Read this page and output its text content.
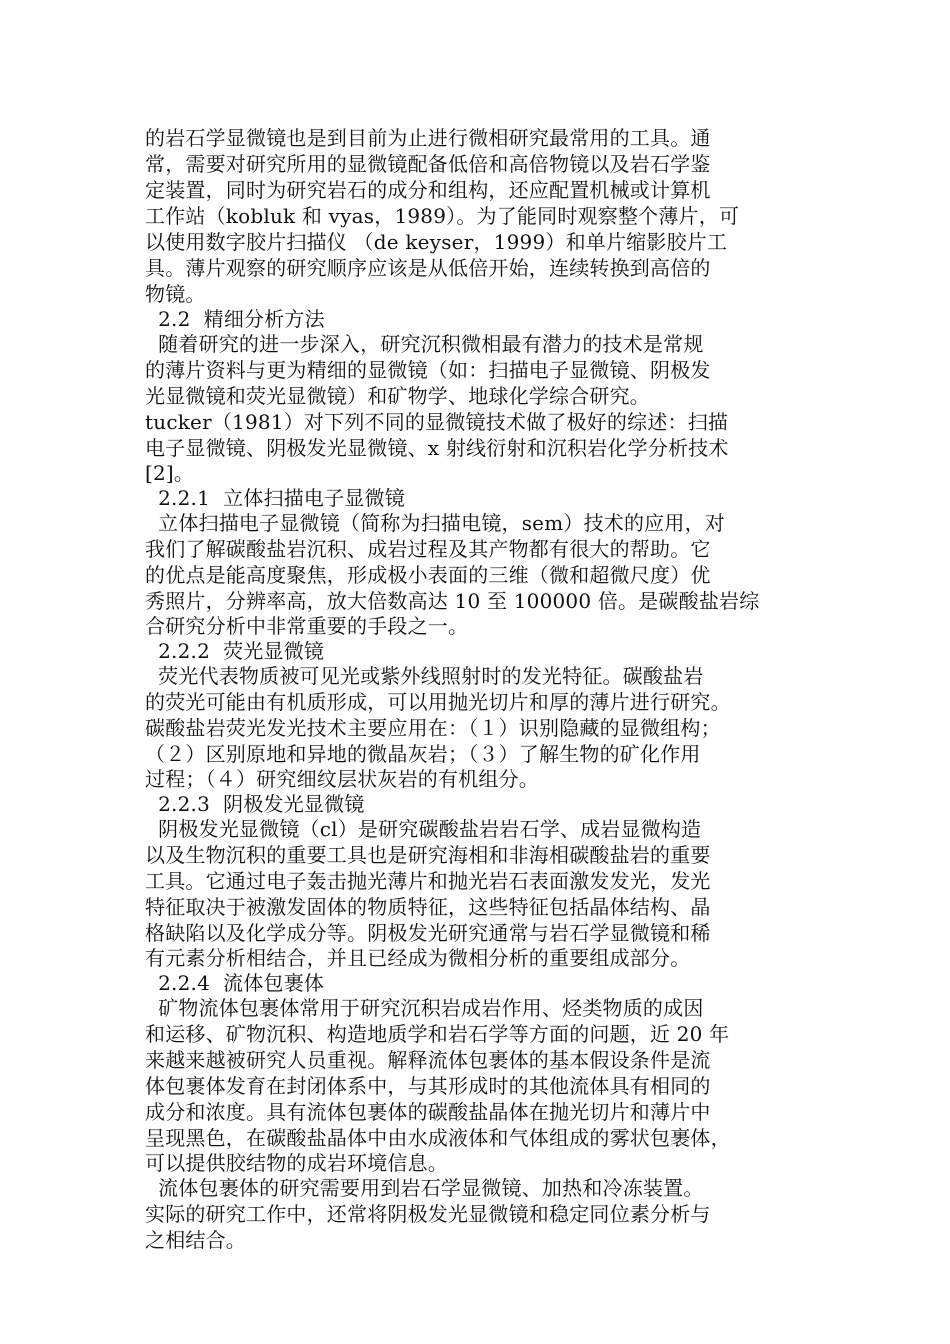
的岩石学显微镜也是到目前为止进行微相研究最常用的工具。通
常，需要对研究所用的显微镜配备低倍和高倍物镜以及岩石学鉴
定装置，同时为研究岩石的成分和组构，还应配置机械或计算机
工作站（kobluk 和 vyas，1989）。为了能同时观察整个薄片，可
以使用数字胶片扫描仪 （de keyser，1999）和单片缩影胶片工
具。薄片观察的研究顺序应该是从低倍开始，连续转换到高倍的
物镜。
2.2  精细分析方法
随着研究的进一步深入，研究沉积微相最有潜力的技术是常规
的薄片资料与更为精细的显微镜（如：扫描电子显微镜、阴极发
光显微镜和荧光显微镜）和矿物学、地球化学综合研究。
tucker（1981）对下列不同的显微镜技术做了极好的综述：扫描
电子显微镜、阴极发光显微镜、x 射线衍射和沉积岩化学分析技术
[2]。
2.2.1  立体扫描电子显微镜
立体扫描电子显微镜（简称为扫描电镜，sem）技术的应用，对
我们了解碳酸盐岩沉积、成岩过程及其产物都有很大的帮助。它
的优点是能高度聚焦，形成极小表面的三维（微和超微尺度）优
秀照片，分辨率高，放大倍数高达 10 至 100000 倍。是碳酸盐岩综
合研究分析中非常重要的手段之一。
2.2.2  荧光显微镜
荧光代表物质被可见光或紫外线照射时的发光特征。碳酸盐岩
的荧光可能由有机质形成，可以用抛光切片和厚的薄片进行研究。
碳酸盐岩荧光发光技术主要应用在：（１）识别隐藏的显微组构；
（２）区别原地和异地的微晶灰岩；（３）了解生物的矿化作用
过程；（４）研究细纹层状灰岩的有机组分。
2.2.3  阴极发光显微镜
阴极发光显微镜（cl）是研究碳酸盐岩岩石学、成岩显微构造
以及生物沉积的重要工具也是研究海相和非海相碳酸盐岩的重要
工具。它通过电子轰击抛光薄片和抛光岩石表面激发发光，发光
特征取决于被激发固体的物质特征，这些特征包括晶体结构、晶
格缺陷以及化学成分等。阴极发光研究通常与岩石学显微镜和稀
有元素分析相结合，并且已经成为微相分析的重要组成部分。
2.2.4  流体包裹体
矿物流体包裹体常用于研究沉积岩成岩作用、烃类物质的成因
和运移、矿物沉积、构造地质学和岩石学等方面的问题，近 20 年
来越来越被研究人员重视。解释流体包裹体的基本假设条件是流
体包裹体发育在封闭体系中，与其形成时的其他流体具有相同的
成分和浓度。具有流体包裹体的碳酸盐晶体在抛光切片和薄片中
呈现黑色，在碳酸盐晶体中由水成液体和气体组成的雾状包裹体，
可以提供胶结物的成岩环境信息。
流体包裹体的研究需要用到岩石学显微镜、加热和冷冻装置。
实际的研究工作中，还常将阴极发光显微镜和稳定同位素分析与
之相结合。
